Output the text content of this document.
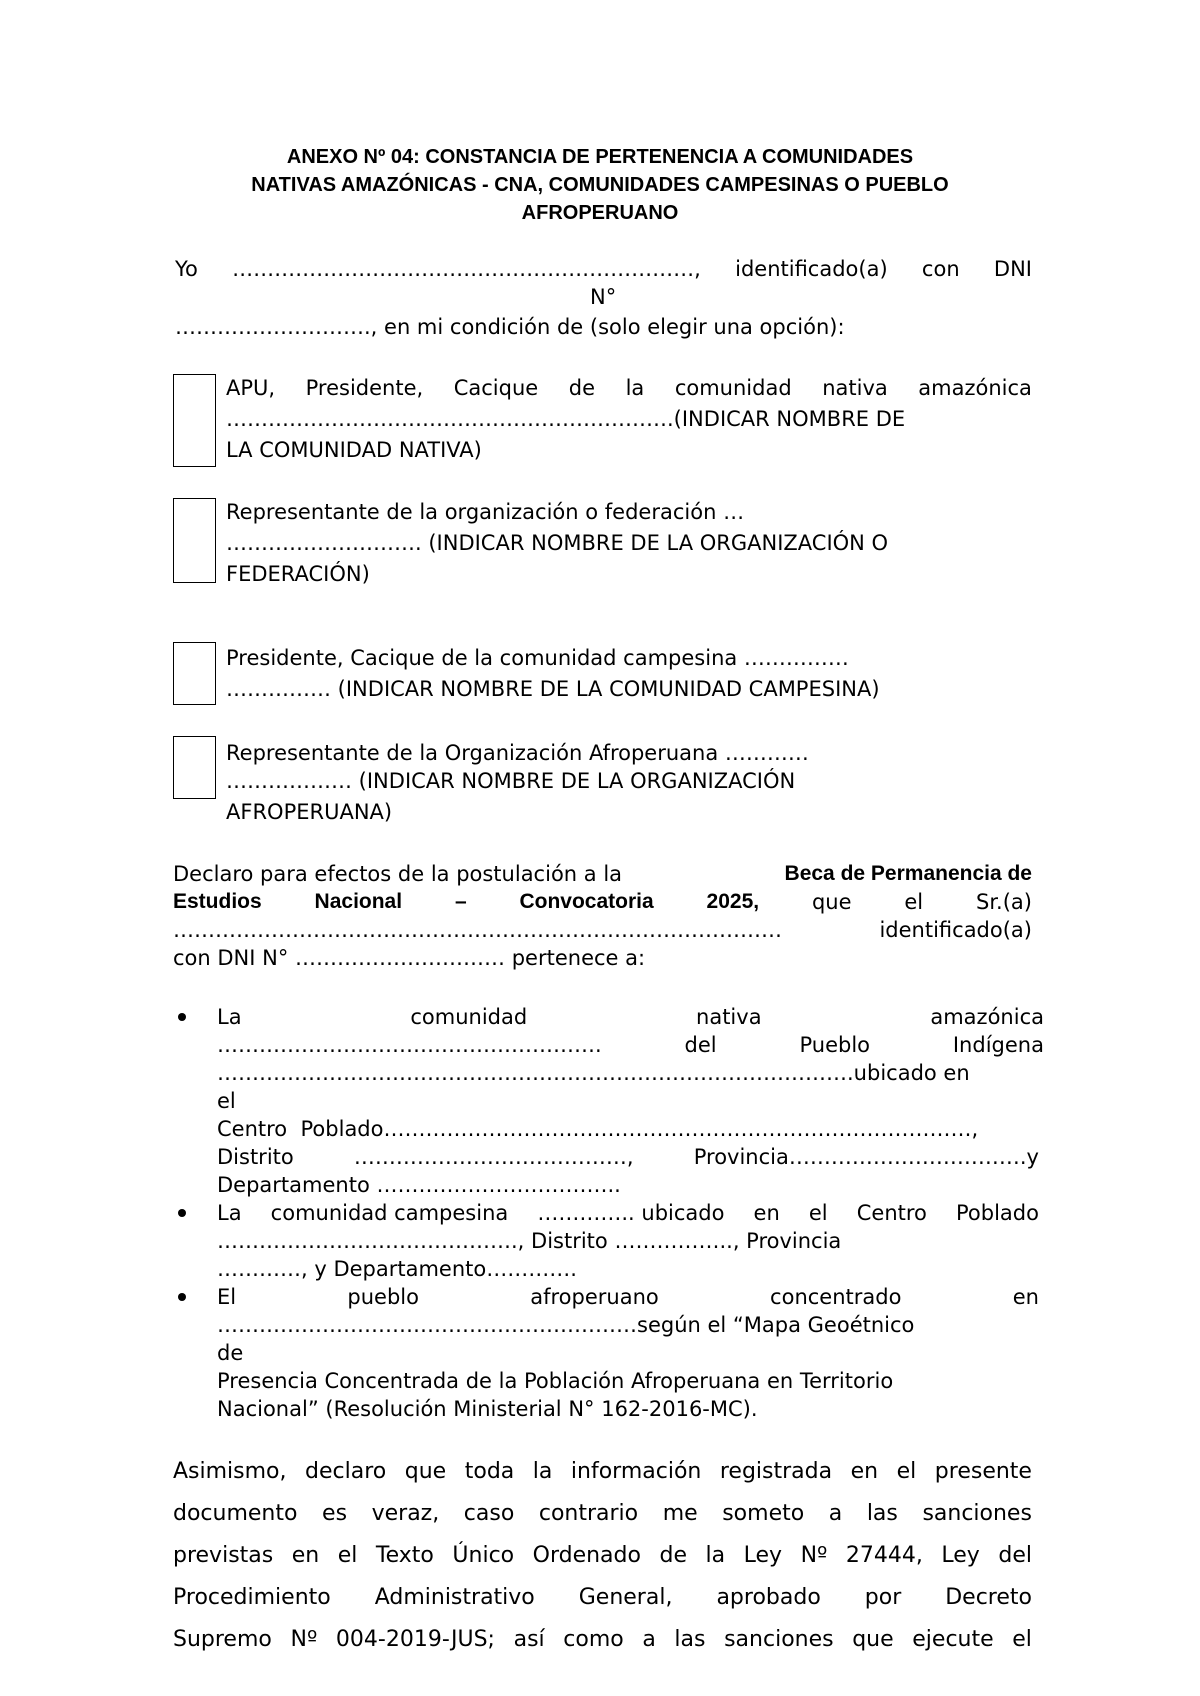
ANEXO Nº 04: CONSTANCIA DE PERTENENCIA A COMUNIDADES
NATIVAS AMAZÓNICAS - CNA, COMUNIDADES CAMPESINAS O PUEBLO
AFROPERUANO
Yo …………………………………………………………, identificado(a) con DNI
N°
………………………., en mi condición de (solo elegir una opción):
APU, Presidente, Cacique de la comunidad nativa amazónica
……………………………………………………….(INDICAR NOMBRE DE
LA COMUNIDAD NATIVA)
Representante de la organización o federación …
………………………. (INDICAR NOMBRE DE LA ORGANIZACIÓN O
FEDERACIÓN)
Presidente, Cacique de la comunidad campesina ……………
…………… (INDICAR NOMBRE DE LA COMUNIDAD CAMPESINA)
Representante de la Organización Afroperuana …………
……………… (INDICAR NOMBRE DE LA ORGANIZACIÓN
AFROPERUANA)
Declaro para efectos de la postulación a la	Beca de Permanencia de
Estudios	Nacional	–	Convocatoria	2025,	que	el	Sr.(a)
……………………………………………………………………………	identificado(a)
con DNI N° ………………………… pertenece a:
La	comunidad	nativa	amazónica
……………………………………………….	del	Pueblo	Indígena
……………………………………………………………………………….ubicado en
el
Centro Poblado…………………………………………………………………………,
Distrito	…………………………………,	Provincia…………………………….y
Departamento ……………………………..
La comunidad campesina ………….. ubicado en el Centro Poblado
……………………………………., Distrito …………….., Provincia
…………, y Departamento………….
El	pueblo	afroperuano	concentrado	en
……………………………………………………según el “Mapa Geoétnico
de
Presencia Concentrada de la Población Afroperuana en Territorio
Nacional” (Resolución Ministerial N° 162-2016-MC).
Asimismo, declaro que toda la información registrada en el presente
documento es veraz, caso contrario me someto a las sanciones
previstas en el Texto Único Ordenado de la Ley Nº 27444, Ley del
Procedimiento Administrativo General, aprobado por Decreto
Supremo Nº 004-2019-JUS; así como a las sanciones que ejecute el
